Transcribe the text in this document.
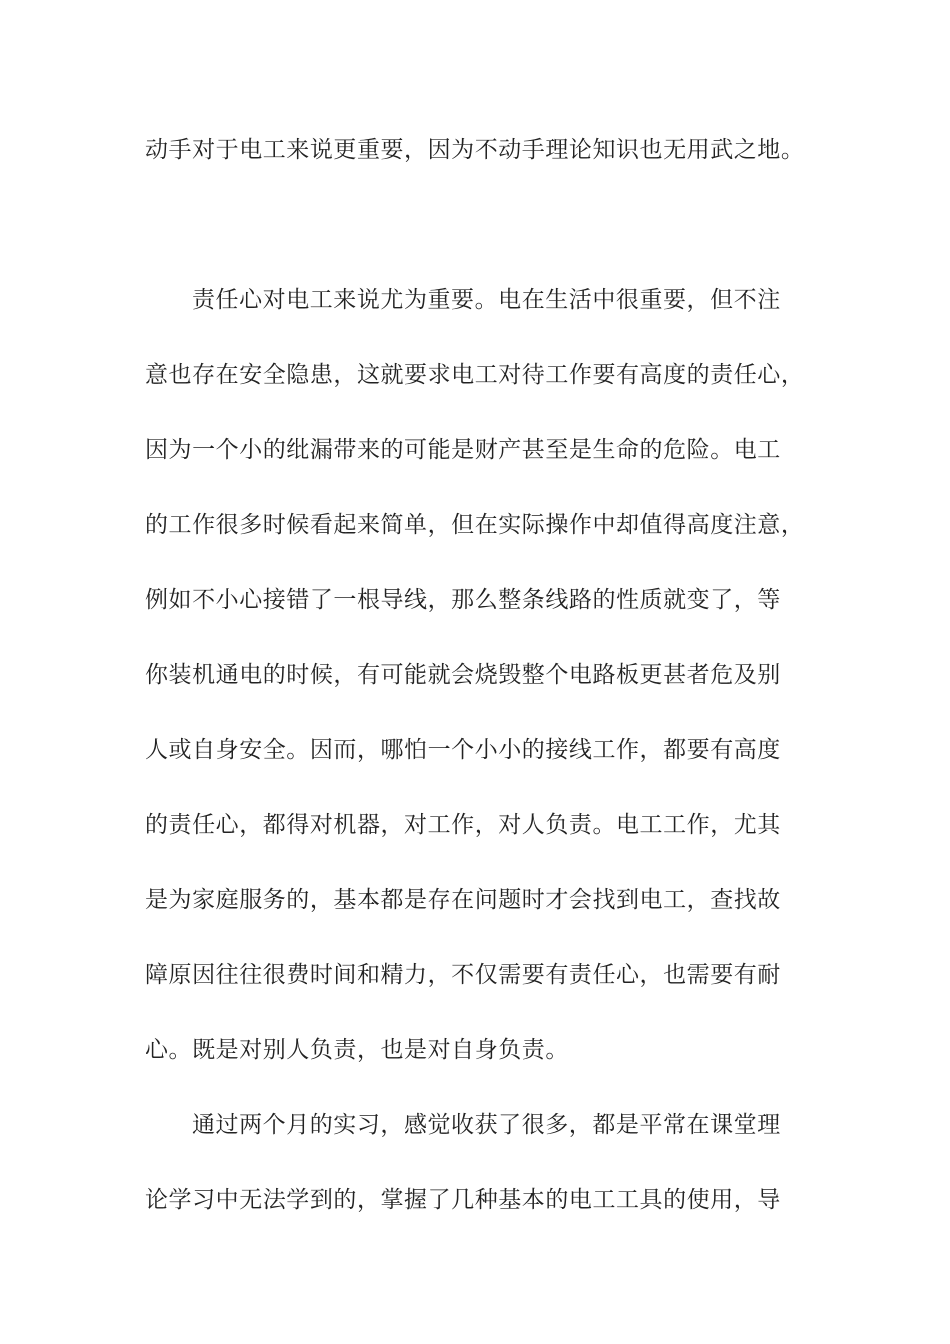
动手对于电工来说更重要，因为不动手理论知识也无用武之地。
责任心对电工来说尤为重要。电在生活中很重要，但不注
意也存在安全隐患，这就要求电工对待工作要有高度的责任心，
因为一个小的纰漏带来的可能是财产甚至是生命的危险。电工
的工作很多时候看起来简单，但在实际操作中却值得高度注意，
例如不小心接错了一根导线，那么整条线路的性质就变了，等
你装机通电的时候，有可能就会烧毁整个电路板更甚者危及别
人或自身安全。因而，哪怕一个小小的接线工作，都要有高度
的责任心，都得对机器，对工作，对人负责。电工工作，尤其
是为家庭服务的，基本都是存在问题时才会找到电工，查找故
障原因往往很费时间和精力，不仅需要有责任心，也需要有耐
心。既是对别人负责，也是对自身负责。
通过两个月的实习，感觉收获了很多，都是平常在课堂理
论学习中无法学到的，掌握了几种基本的电工工具的使用，导
